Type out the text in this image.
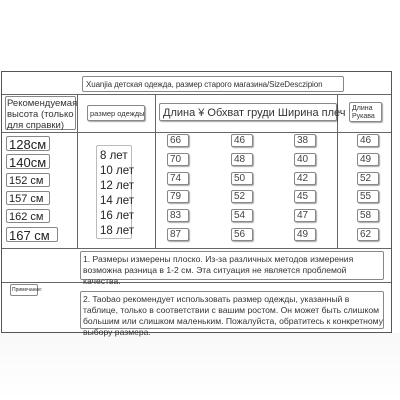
Xuanjia детская одежда, размер старого магазина/SizeDesczipion
Рекомендуемая высота (только для справки)
размер одежды Длина ¥ Обхват груди Ширина плеч Длина Рукава
128см
140см
152 см
157 см
162 см
167 см
8 лет
10 лет
12 лет
14 лет
16 лет
18 лет
66
70
74
79
83
87
46
48
50
52
54
56
38
40
42
45
47
49
46
49
52
55
58
62
Примечание:
1. Размеры измерены плоско. Из-за различных методов измерения возможна разница в 1-2 см. Эта ситуация не является проблемой качества.
2. Taobao рекомендует использовать размер одежды, указанный в таблице, только в соответствии с вашим ростом. Он может быть слишком большим или слишком маленьким. Пожалуйста, обратитесь к конкретному выбору размера.
